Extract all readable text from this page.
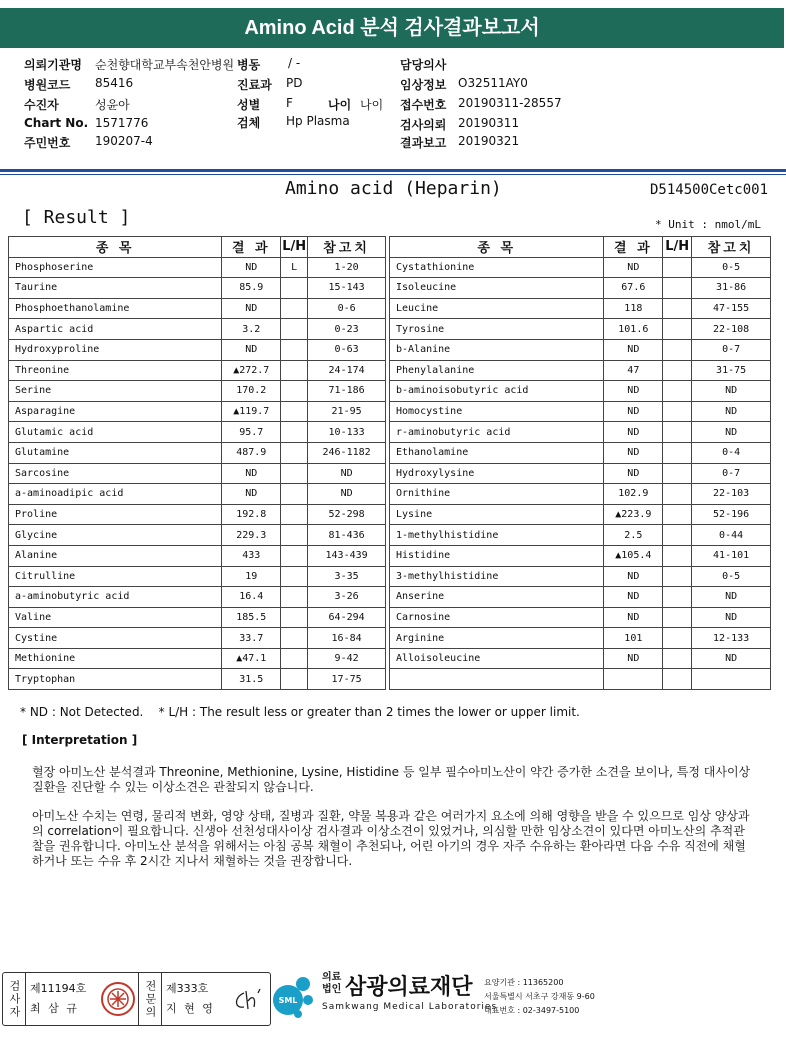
Amino Acid 분석 검사결과보고서
의뢰기관명 순천향대학교부속천안병원 병동 / -	담당의사
병원코드 85416	진료과 PD	임상정보 O32511AY0
수진자	성윤아	성별 F	나이 나이 접수번호 20190311-28557
Chart No. 1571776	검체 Hp Plasma	검사의뢰 20190311
주민번호 190207-4	결과보고 20190321
Amino acid (Heparin)	D514500Cetc001
[ Result ]	* Unit : nmol/mL
종 목	결 과	L/H	참고치
Phosphoserine	ND	L	1-20
Taurine	85.9		15-143
Phosphoethanolamine	ND		0-6
Aspartic acid	3.2		0-23
Hydroxyproline	ND		0-63
Threonine	▲272.7		24-174
Serine	170.2		71-186
Asparagine	▲119.7		21-95
Glutamic acid	95.7		10-133
Glutamine	487.9		246-1182
Sarcosine	ND		ND
a-aminoadipic acid	ND		ND
Proline	192.8		52-298
Glycine	229.3		81-436
Alanine	433		143-439
Citrulline	19		3-35
a-aminobutyric acid	16.4		3-26
Valine	185.5		64-294
Cystine	33.7		16-84
Methionine	▲47.1		9-42
Tryptophan	31.5		17-75
종 목	결 과	L/H	참고치
Cystathionine	ND		0-5
Isoleucine	67.6		31-86
Leucine	118		47-155
Tyrosine	101.6		22-108
b-Alanine	ND		0-7
Phenylalanine	47		31-75
b-aminoisobutyric acid	ND		ND
Homocystine	ND		ND
r-aminobutyric acid	ND		ND
Ethanolamine	ND		0-4
Hydroxylysine	ND		0-7
Ornithine	102.9		22-103
Lysine	▲223.9		52-196
1-methylhistidine	2.5		0-44
Histidine	▲105.4		41-101
3-methylhistidine	ND		0-5
Anserine	ND		ND
Carnosine	ND		ND
Arginine	101		12-133
Alloisoleucine	ND		ND

* ND : Not Detected.    * L/H : The result less or greater than 2 times the lower or upper limit.
[ Interpretation ]

혈장 아미노산 분석결과 Threonine, Methionine, Lysine, Histidine 등 일부 필수아미노산이 약간 증가한 소견을 보이나, 특정 대사이상질환을 진단할 수 있는 이상소견은 관찰되지 않습니다.

아미노산 수치는 연령, 물리적 변화, 영양 상태, 질병과 질환, 약물 복용과 같은 여러가지 요소에 의해 영향을 받을 수 있으므로 임상 양상과의 correlation이 필요합니다. 신생아 선천성대사이상 검사결과 이상소견이 있었거나, 의심할 만한 임상소견이 있다면 아미노산의 추적관찰을 권유합니다. 아미노산 분석을 위해서는 아침 공복 채혈이 추천되나, 어린 아기의 경우 자주 수유하는 환아라면 다음 수유 직전에 채혈하거나 또는 수유 후 2시간 지나서 채혈하는 것을 권장합니다.

검사자 제11194호
최 삼 규	전문의 제333호
지 현 영
SML
의료법인 삼광의료재단
Samkwang Medical Laboratories
요양기관 : 11365200
서울특별시 서초구 강재동 9-60
대표번호 : 02-3497-5100
